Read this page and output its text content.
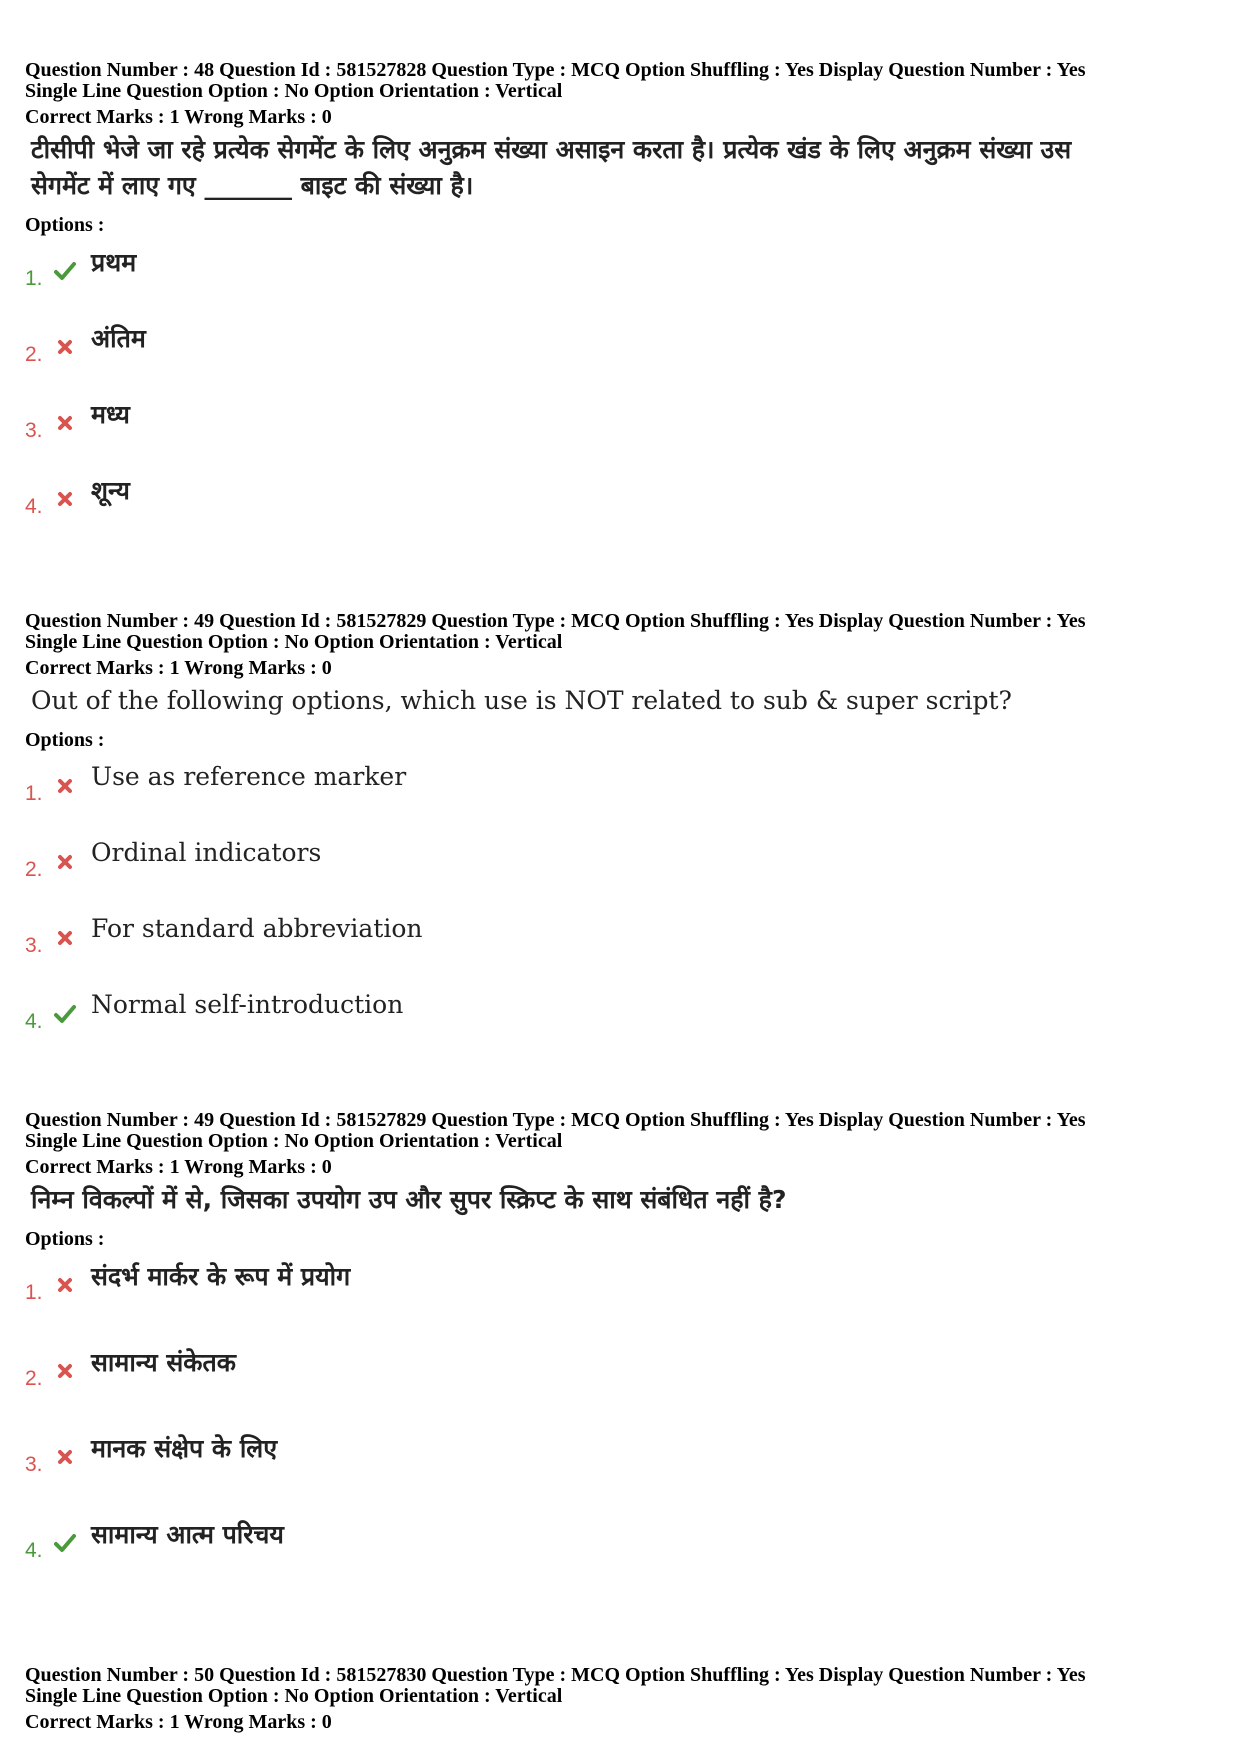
Question Number : 48 Question Id : 581527828 Question Type : MCQ Option Shuffling : Yes Display Question Number : Yes

Single Line Question Option : No Option Orientation : Vertical

Correct Marks : 1 Wrong Marks : 0

टीसीपी भेजे जा रहे प्रत्येक सेगमेंट के लिए अनुक्रम संख्या असाइन करता है। प्रत्येक खंड के लिए अनुक्रम संख्या उस
सेगमेंट में लाए गए _______ बाइट की संख्या है।
Options :
1.
प्रथम
2.
अंतिम
3.
मध्य
4.
शून्य

Question Number : 49 Question Id : 581527829 Question Type : MCQ Option Shuffling : Yes Display Question Number : Yes

Single Line Question Option : No Option Orientation : Vertical

Correct Marks : 1 Wrong Marks : 0

Out of the following options, which use is NOT related to sub & super script?
Options :
1.
Use as reference marker
2.
Ordinal indicators
3.
For standard abbreviation
4.
Normal self-introduction

Question Number : 49 Question Id : 581527829 Question Type : MCQ Option Shuffling : Yes Display Question Number : Yes

Single Line Question Option : No Option Orientation : Vertical

Correct Marks : 1 Wrong Marks : 0

निम्न विकल्पों में से, जिसका उपयोग उप और सुपर स्क्रिप्ट के साथ संबंधित नहीं है?
Options :
1.
संदर्भ मार्कर के रूप में प्रयोग
2.
सामान्य संकेतक
3.
मानक संक्षेप के लिए
4.
सामान्य आत्म परिचय

Question Number : 50 Question Id : 581527830 Question Type : MCQ Option Shuffling : Yes Display Question Number : Yes

Single Line Question Option : No Option Orientation : Vertical

Correct Marks : 1 Wrong Marks : 0
